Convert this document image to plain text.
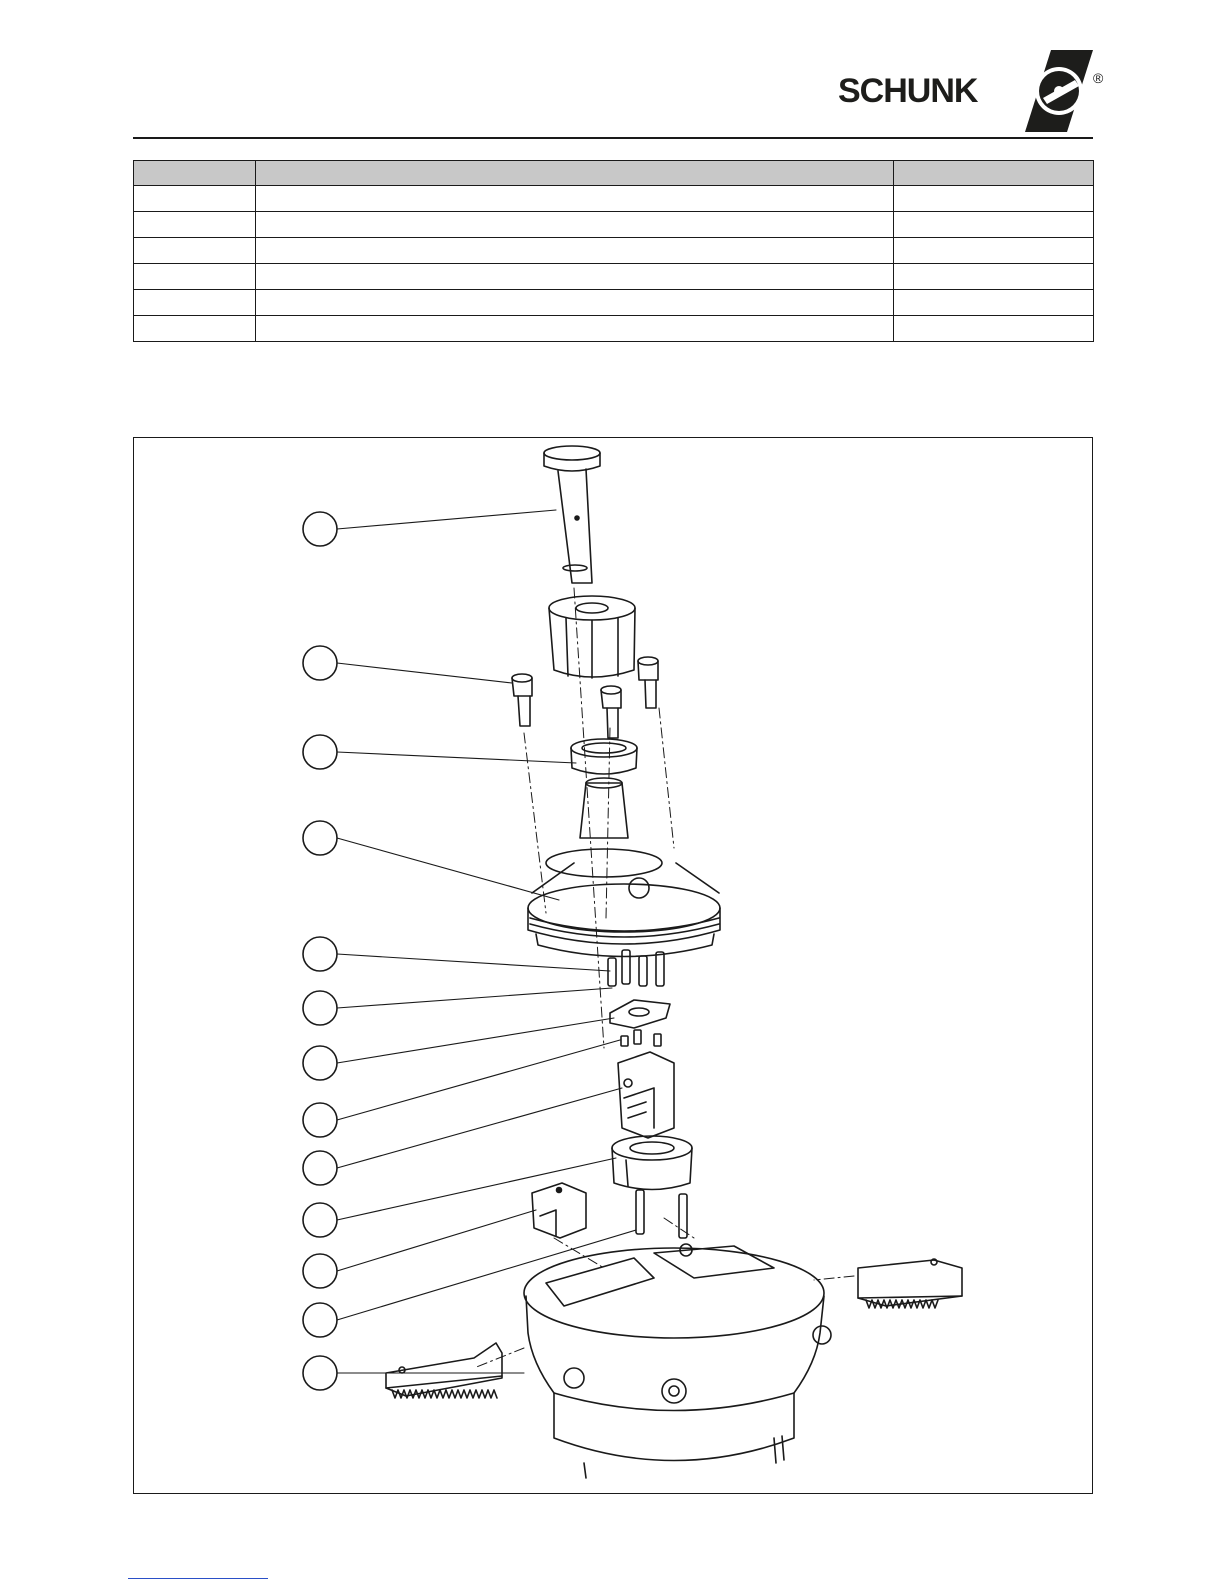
SCHUNK	®
